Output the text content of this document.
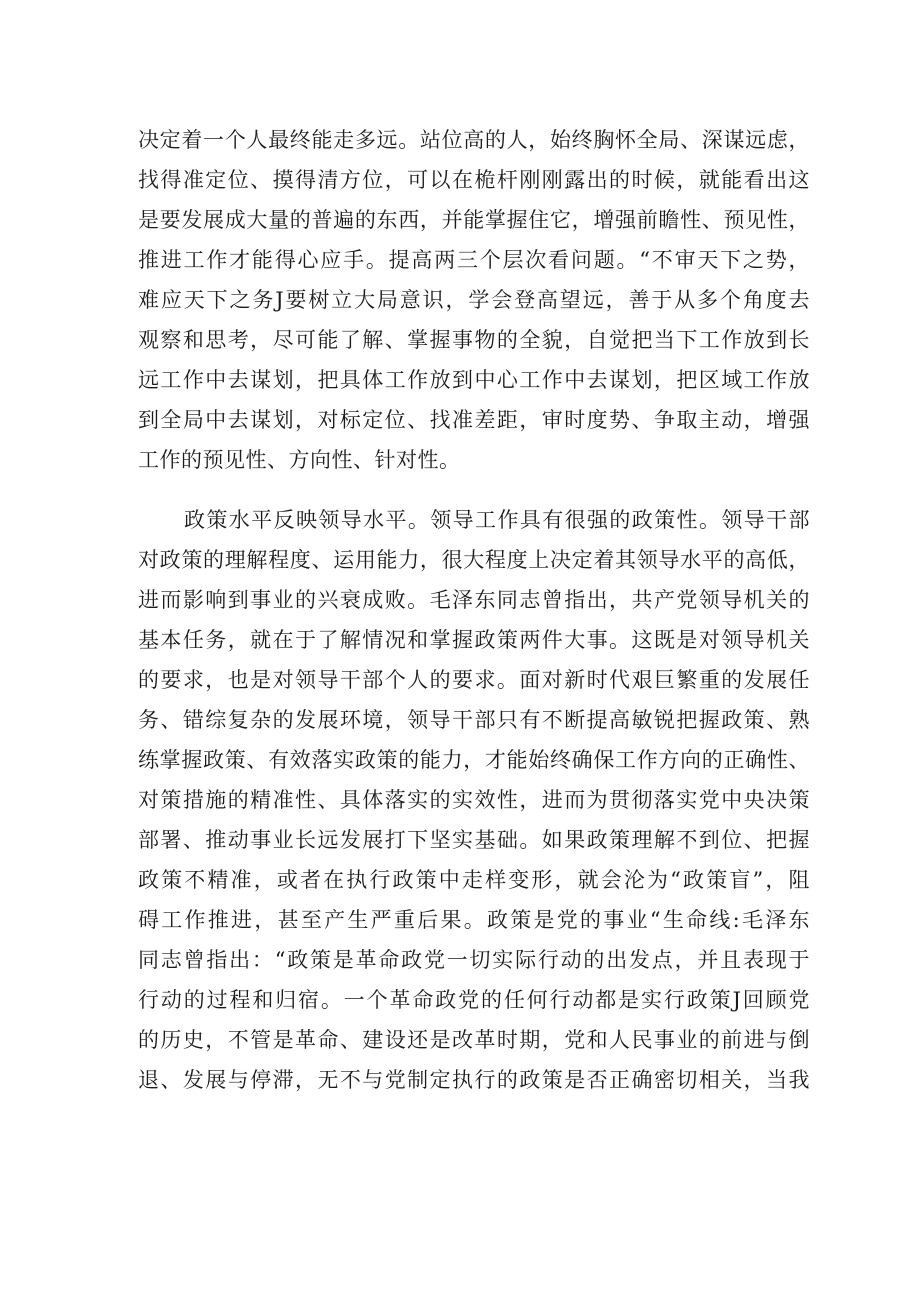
决定着一个人最终能走多远。站位高的人，始终胸怀全局、深谋远虑，
找得准定位、摸得清方位，可以在桅杆刚刚露出的时候，就能看出这
是要发展成大量的普遍的东西，并能掌握住它，增强前瞻性、预见性，
推进工作才能得心应手。提高两三个层次看问题。“不审天下之势，
难应天下之务J要树立大局意识，学会登高望远，善于从多个角度去
观察和思考，尽可能了解、掌握事物的全貌，自觉把当下工作放到长
远工作中去谋划，把具体工作放到中心工作中去谋划，把区域工作放
到全局中去谋划，对标定位、找准差距，审时度势、争取主动，增强
工作的预见性、方向性、针对性。
政策水平反映领导水平。领导工作具有很强的政策性。领导干部
对政策的理解程度、运用能力，很大程度上决定着其领导水平的高低，
进而影响到事业的兴衰成败。毛泽东同志曾指出，共产党领导机关的
基本任务，就在于了解情况和掌握政策两件大事。这既是对领导机关
的要求，也是对领导干部个人的要求。面对新时代艰巨繁重的发展任
务、错综复杂的发展环境，领导干部只有不断提高敏锐把握政策、熟
练掌握政策、有效落实政策的能力，才能始终确保工作方向的正确性、
对策措施的精准性、具体落实的实效性，进而为贯彻落实党中央决策
部署、推动事业长远发展打下坚实基础。如果政策理解不到位、把握
政策不精准，或者在执行政策中走样变形，就会沦为“政策盲”，阻
碍工作推进，甚至产生严重后果。政策是党的事业“生命线:毛泽东
同志曾指出：“政策是革命政党一切实际行动的出发点，并且表现于
行动的过程和归宿。一个革命政党的任何行动都是实行政策J回顾党
的历史，不管是革命、建设还是改革时期，党和人民事业的前进与倒
退、发展与停滞，无不与党制定执行的政策是否正确密切相关，当我
